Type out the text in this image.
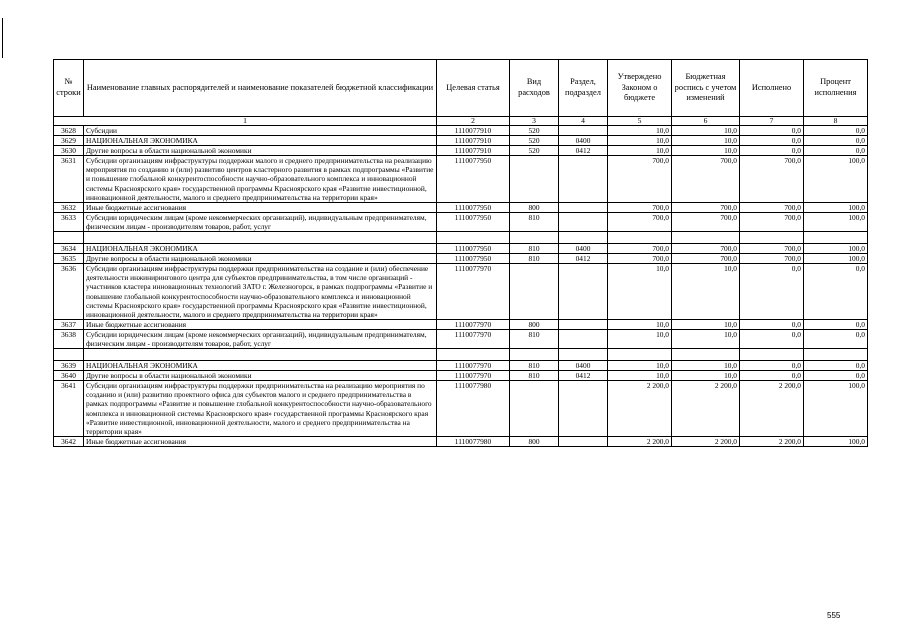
№ строки	Наименование главных распорядителей и наименование показателей бюджетной классификации	Целевая статья	Вид расходов	Раздел, подраздел	Утверждено Законом о бюджете	Бюджетная роспись с учетом изменений	Исполнено	Процент исполнения
1		2	3	4	5	6	7	8
3628	Субсидии	1110077910	520		10,0	10,0	0,0	0,0
3629	НАЦИОНАЛЬНАЯ ЭКОНОМИКА	1110077910	520	0400	10,0	10,0	0,0	0,0
3630	Другие вопросы в области национальной экономики	1110077910	520	0412	10,0	10,0	0,0	0,0
3631	Субсидии организациям инфраструктуры поддержки малого и среднего предпринимательства на реализацию мероприятия по созданию и (или) развитию центров кластерного развития в рамках подпрограммы «Развитие и повышение глобальной конкурентоспособности научно-образовательного комплекса и инновационной системы Красноярского края» государственной программы Красноярского края «Развитие инвестиционной, инновационной деятельности, малого и среднего предпринимательства на территории края»	1110077950			700,0	700,0	700,0	100,0
3632	Иные бюджетные ассигнования	1110077950	800		700,0	700,0	700,0	100,0
3633	Субсидии юридическим лицам (кроме некоммерческих организаций), индивидуальным предпринимателям, физическим лицам - производителям товаров, работ, услуг	1110077950	810		700,0	700,0	700,0	100,0

3634	НАЦИОНАЛЬНАЯ ЭКОНОМИКА	1110077950	810	0400	700,0	700,0	700,0	100,0
3635	Другие вопросы в области национальной экономики	1110077950	810	0412	700,0	700,0	700,0	100,0
3636	Субсидии организациям инфраструктуры поддержки предпринимательства на создание и (или) обеспечение деятельности инжинирингового центра для субъектов предпринимательства, в том числе организаций - участников кластера инновационных технологий ЗАТО г. Железногорск, в рамках подпрограммы «Развитие и повышение глобальной конкурентоспособности научно-образовательного комплекса и инновационной системы Красноярского края» государственной программы Красноярского края «Развитие инвестиционной, инновационной деятельности, малого и среднего предпринимательства на территории края»	1110077970			10,0	10,0	0,0	0,0
3637	Иные бюджетные ассигнования	1110077970	800		10,0	10,0	0,0	0,0
3638	Субсидии юридическим лицам (кроме некоммерческих организаций), индивидуальным предпринимателям, физическим лицам - производителям товаров, работ, услуг	1110077970	810		10,0	10,0	0,0	0,0

3639	НАЦИОНАЛЬНАЯ ЭКОНОМИКА	1110077970	810	0400	10,0	10,0	0,0	0,0
3640	Другие вопросы в области национальной экономики	1110077970	810	0412	10,0	10,0	0,0	0,0
3641	Субсидии организациям инфраструктуры поддержки предпринимательства на реализацию мероприятия по созданию и (или) развитию проектного офиса для субъектов малого и среднего предпринимательства в рамках подпрограммы «Развитие и повышение глобальной конкурентоспособности научно-образовательного комплекса и инновационной системы Красноярского края» государственной программы Красноярского края «Развитие инвестиционной, инновационной деятельности, малого и среднего предпринимательства на территории края»	1110077980			2 200,0	2 200,0	2 200,0	100,0
3642	Иные бюджетные ассигнования	1110077980	800		2 200,0	2 200,0	2 200,0	100,0
555
